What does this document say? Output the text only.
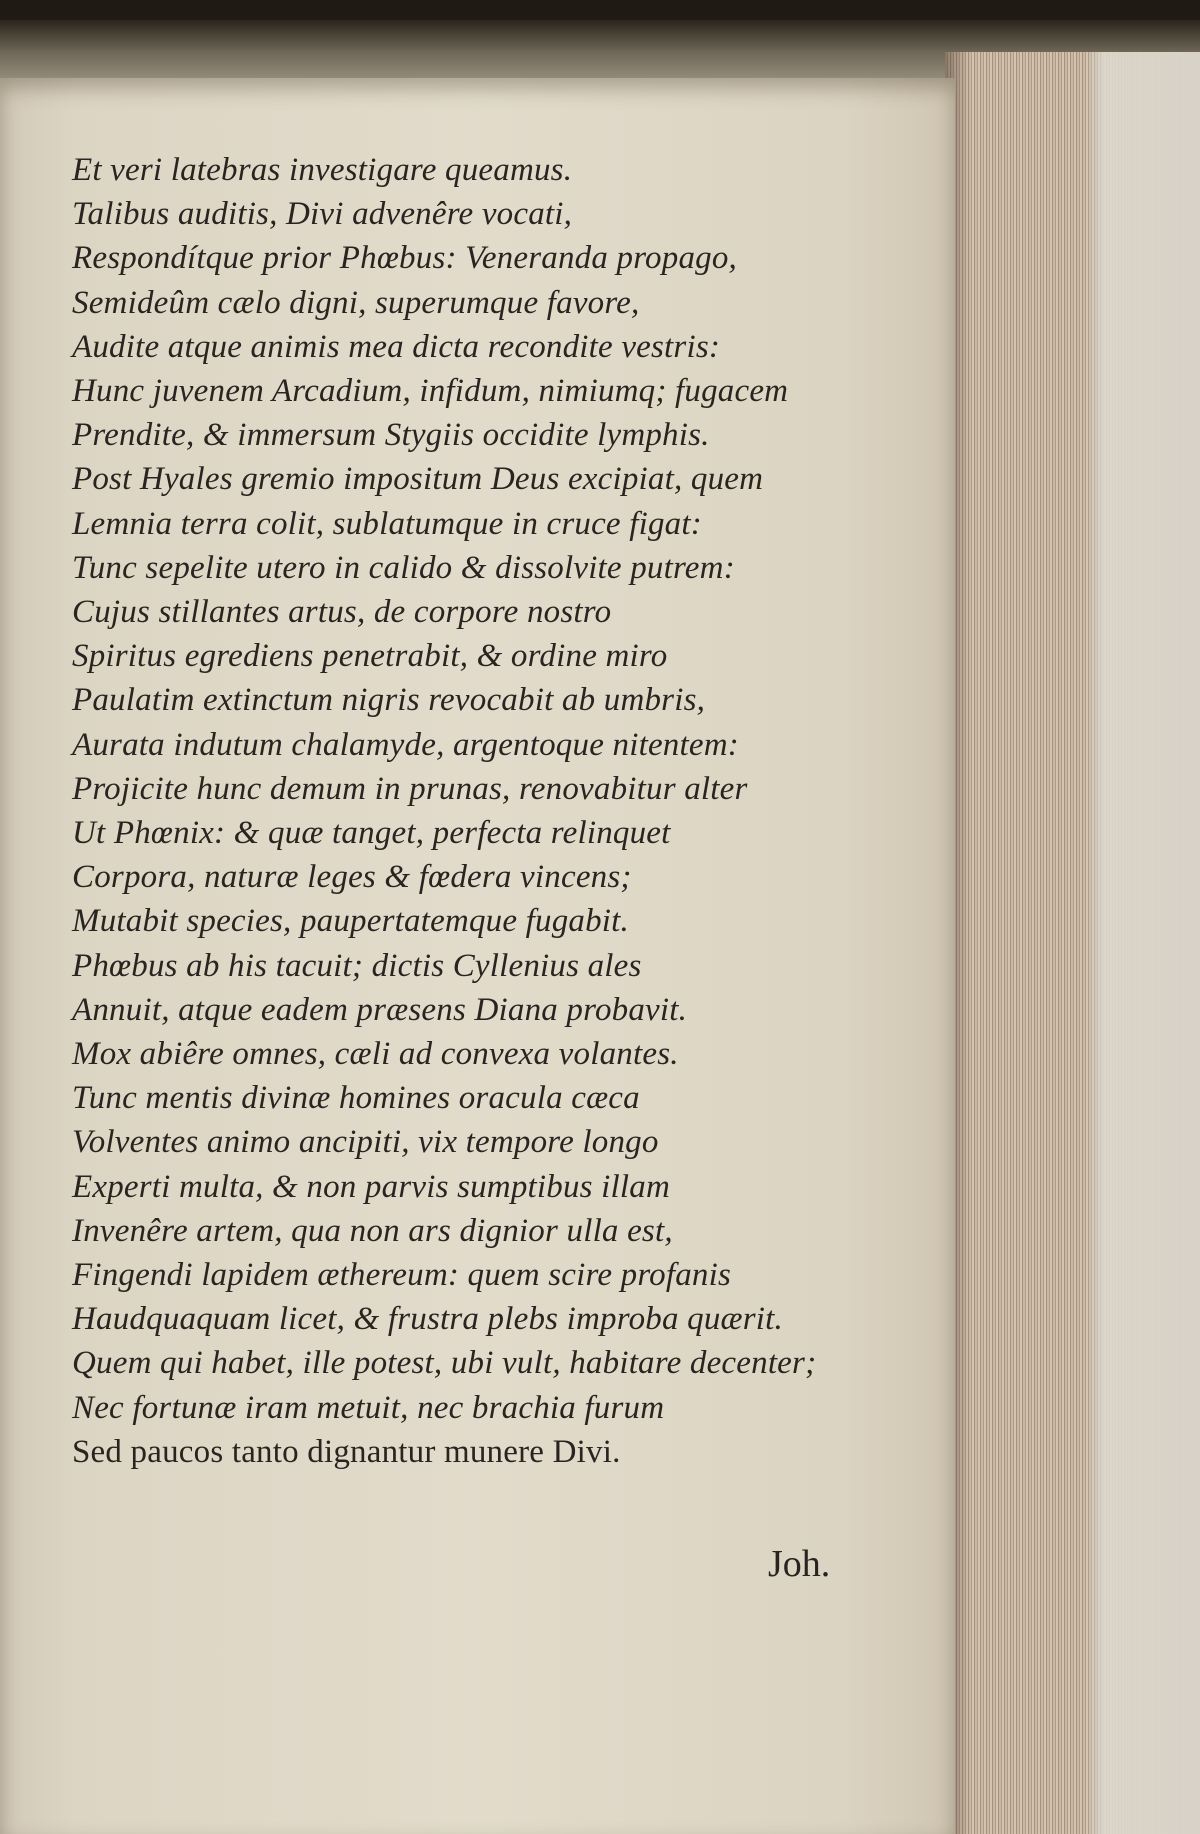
Et veri latebras investigare queamus.
Talibus auditis, Divi advenêre vocati,
Respondítque prior Phœbus: Veneranda propago,
Semideûm cælo digni, superumque favore,
Audite atque animis mea dicta recondite vestris:
Hunc juvenem Arcadium, infidum, nimiumq; fugacem
Prendite, & immersum Stygiis occidite lymphis.
Post Hyales gremio impositum Deus excipiat, quem
Lemnia terra colit, sublatumque in cruce figat:
Tunc sepelite utero in calido & dissolvite putrem:
Cujus stillantes artus, de corpore nostro
Spiritus egrediens penetrabit, & ordine miro
Paulatim extinctum nigris revocabit ab umbris,
Aurata indutum chalamyde, argentoque nitentem:
Projicite hunc demum in prunas, renovabitur alter
Ut Phœnix: & quæ tanget, perfecta relinquet
Corpora, naturæ leges & fœdera vincens;
Mutabit species, paupertatemque fugabit.
Phœbus ab his tacuit; dictis Cyllenius ales
Annuit, atque eadem præsens Diana probavit.
Mox abiêre omnes, cæli ad convexa volantes.
Tunc mentis divinæ homines oracula cæca
Volventes animo ancipiti, vix tempore longo
Experti multa, & non parvis sumptibus illam
Invenêre artem, qua non ars dignior ulla est,
Fingendi lapidem æthereum: quem scire profanis
Haudquaquam licet, & frustra plebs improba quærit.
Quem qui habet, ille potest, ubi vult, habitare decenter;
Nec fortunæ iram metuit, nec brachia furum
Sed paucos tanto dignantur munere Divi.
Joh.
